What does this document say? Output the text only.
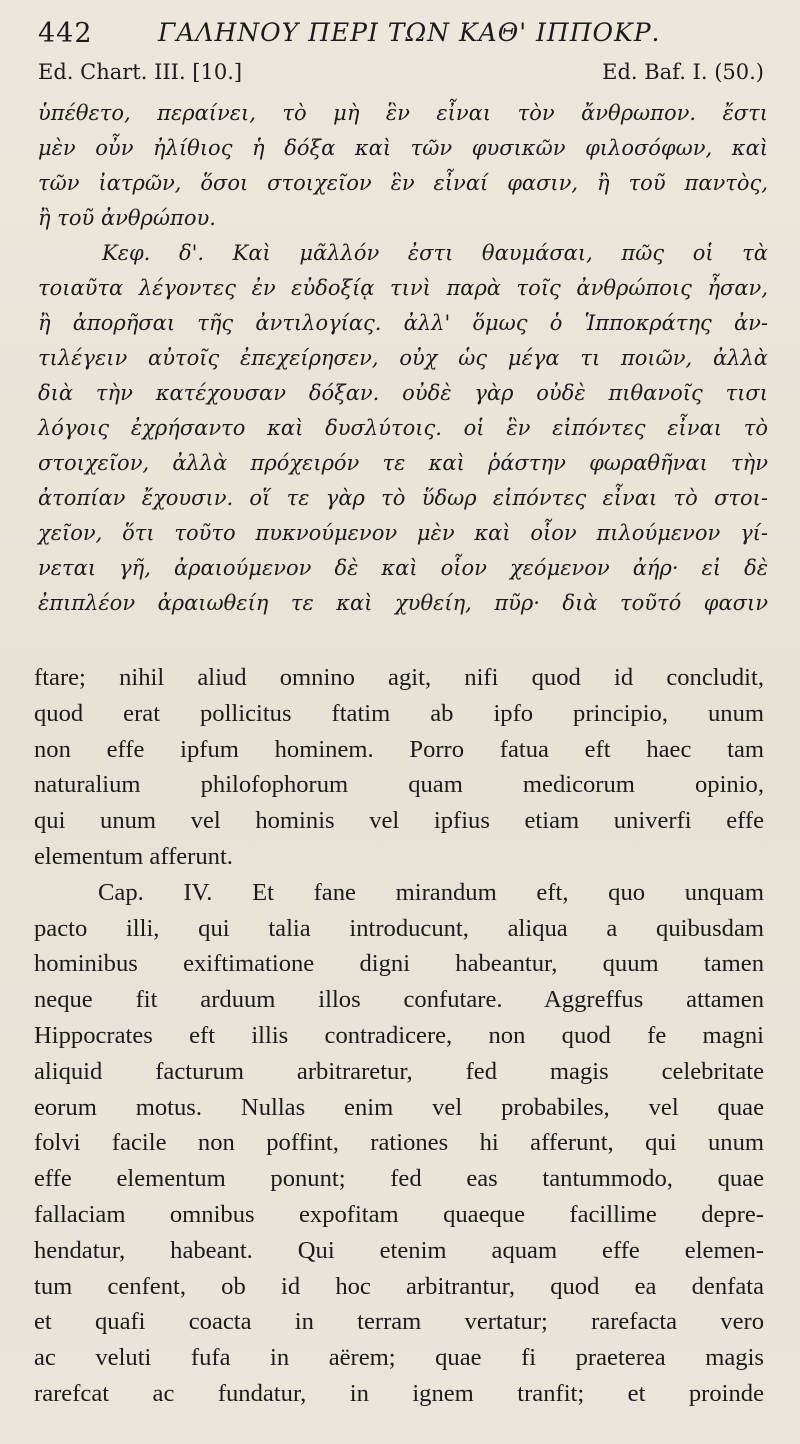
442	ΓΑΛΗΝΟΥ ΠΕΡΙ ΤΩΝ ΚΑΘ' ΙΠΠΟΚΡ.
Ed. Chart. III. [10.]	Ed. Baf. I. (50.)
ὑπέθετο, περαίνει, τὸ μὴ ἓν εἶναι τὸν ἄνθρωπον. ἔστι
μὲν οὖν ἠλίθιος ἡ δόξα καὶ τῶν φυσικῶν φιλοσόφων, καὶ
τῶν ἰατρῶν, ὅσοι στοιχεῖον ἓν εἶναί φασιν, ἢ τοῦ παντὸς,
ἢ τοῦ ἀνθρώπου.
Κεφ. δ'. Καὶ μᾶλλόν ἐστι θαυμάσαι, πῶς οἱ τὰ
τοιαῦτα λέγοντες ἐν εὐδοξίᾳ τινὶ παρὰ τοῖς ἀνθρώποις ἦσαν,
ἢ ἀπορῆσαι τῆς ἀντιλογίας. ἀλλ' ὅμως ὁ Ἱπποκράτης ἀν-
τιλέγειν αὐτοῖς ἐπεχείρησεν, οὐχ ὡς μέγα τι ποιῶν, ἀλλὰ
διὰ τὴν κατέχουσαν δόξαν. οὐδὲ γὰρ οὐδὲ πιθανοῖς τισι
λόγοις ἐχρήσαντο καὶ δυσλύτοις. οἱ ἓν εἰπόντες εἶναι τὸ
στοιχεῖον, ἀλλὰ πρόχειρόν τε καὶ ῥάστην φωραθῆναι τὴν
ἀτοπίαν ἔχουσιν. οἵ τε γὰρ τὸ ὕδωρ εἰπόντες εἶναι τὸ στοι-
χεῖον, ὅτι τοῦτο πυκνούμενον μὲν καὶ οἷον πιλούμενον γί-
νεται γῆ, ἀραιούμενον δὲ καὶ οἷον χεόμενον ἀήρ· εἰ δὲ
ἐπιπλέον ἀραιωθείη τε καὶ χυθείη, πῦρ· διὰ τοῦτό φασιν
ftare; nihil aliud omnino agit, nifi quod id concludit,
quod erat pollicitus ftatim ab ipfo principio, unum
non effe ipfum hominem. Porro fatua eft haec tam
naturalium philofophorum quam medicorum opinio,
qui unum vel hominis vel ipfius etiam univerfi effe
elementum afferunt.
Cap. IV. Et fane mirandum eft, quo unquam
pacto illi, qui talia introducunt, aliqua a quibusdam
hominibus exiftimatione digni habeantur, quum tamen
neque fit arduum illos confutare. Aggreffus attamen
Hippocrates eft illis contradicere, non quod fe magni
aliquid facturum arbitraretur, fed magis celebritate
eorum motus. Nullas enim vel probabiles, vel quae
folvi facile non poffint, rationes hi afferunt, qui unum
effe elementum ponunt; fed eas tantummodo, quae
fallaciam omnibus expofitam quaeque facillime depre-
hendatur, habeant. Qui etenim aquam effe elemen-
tum cenfent, ob id hoc arbitrantur, quod ea denfata
et quafi coacta in terram vertatur; rarefacta vero
ac veluti fufa in aërem; quae fi praeterea magis
rarefcat ac fundatur, in ignem tranfit; et proinde
